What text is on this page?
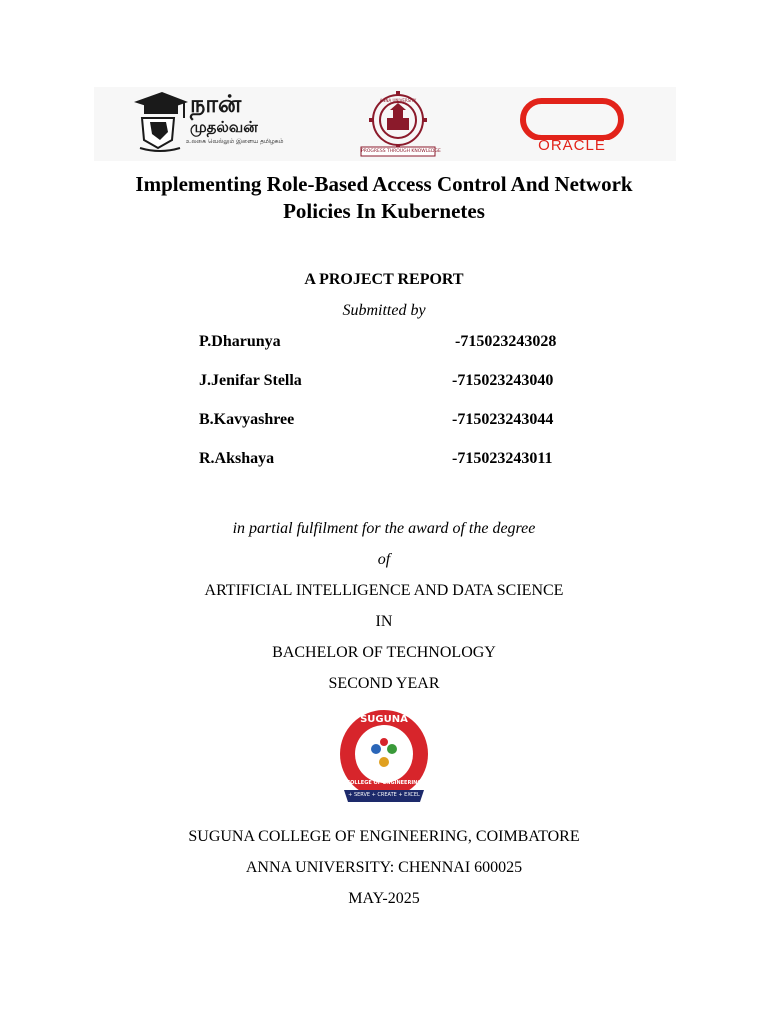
நான்
முதல்வன்
உலகை வெல்லும் இளைய தமிழகம்
ANNA UNIVERSITY
PROGRESS THROUGH KNOWLEDGE	ORACLE
Implementing Role-Based Access Control And Network
Policies In Kubernetes
A PROJECT REPORT
Submitted by
P.Dharunya	-715023243028
J.Jenifar Stella	-715023243040
B.Kavyashree	-715023243044
R.Akshaya	-715023243011
in partial fulfilment for the award of the degree
of
ARTIFICIAL INTELLIGENCE AND DATA SCIENCE
IN
BACHELOR OF TECHNOLOGY
SECOND YEAR
SUGUNA
COLLEGE OF ENGINEERING
+ SERVE + CREATE + EXCEL
SUGUNA COLLEGE OF ENGINEERING, COIMBATORE
ANNA UNIVERSITY: CHENNAI 600025
MAY-2025
